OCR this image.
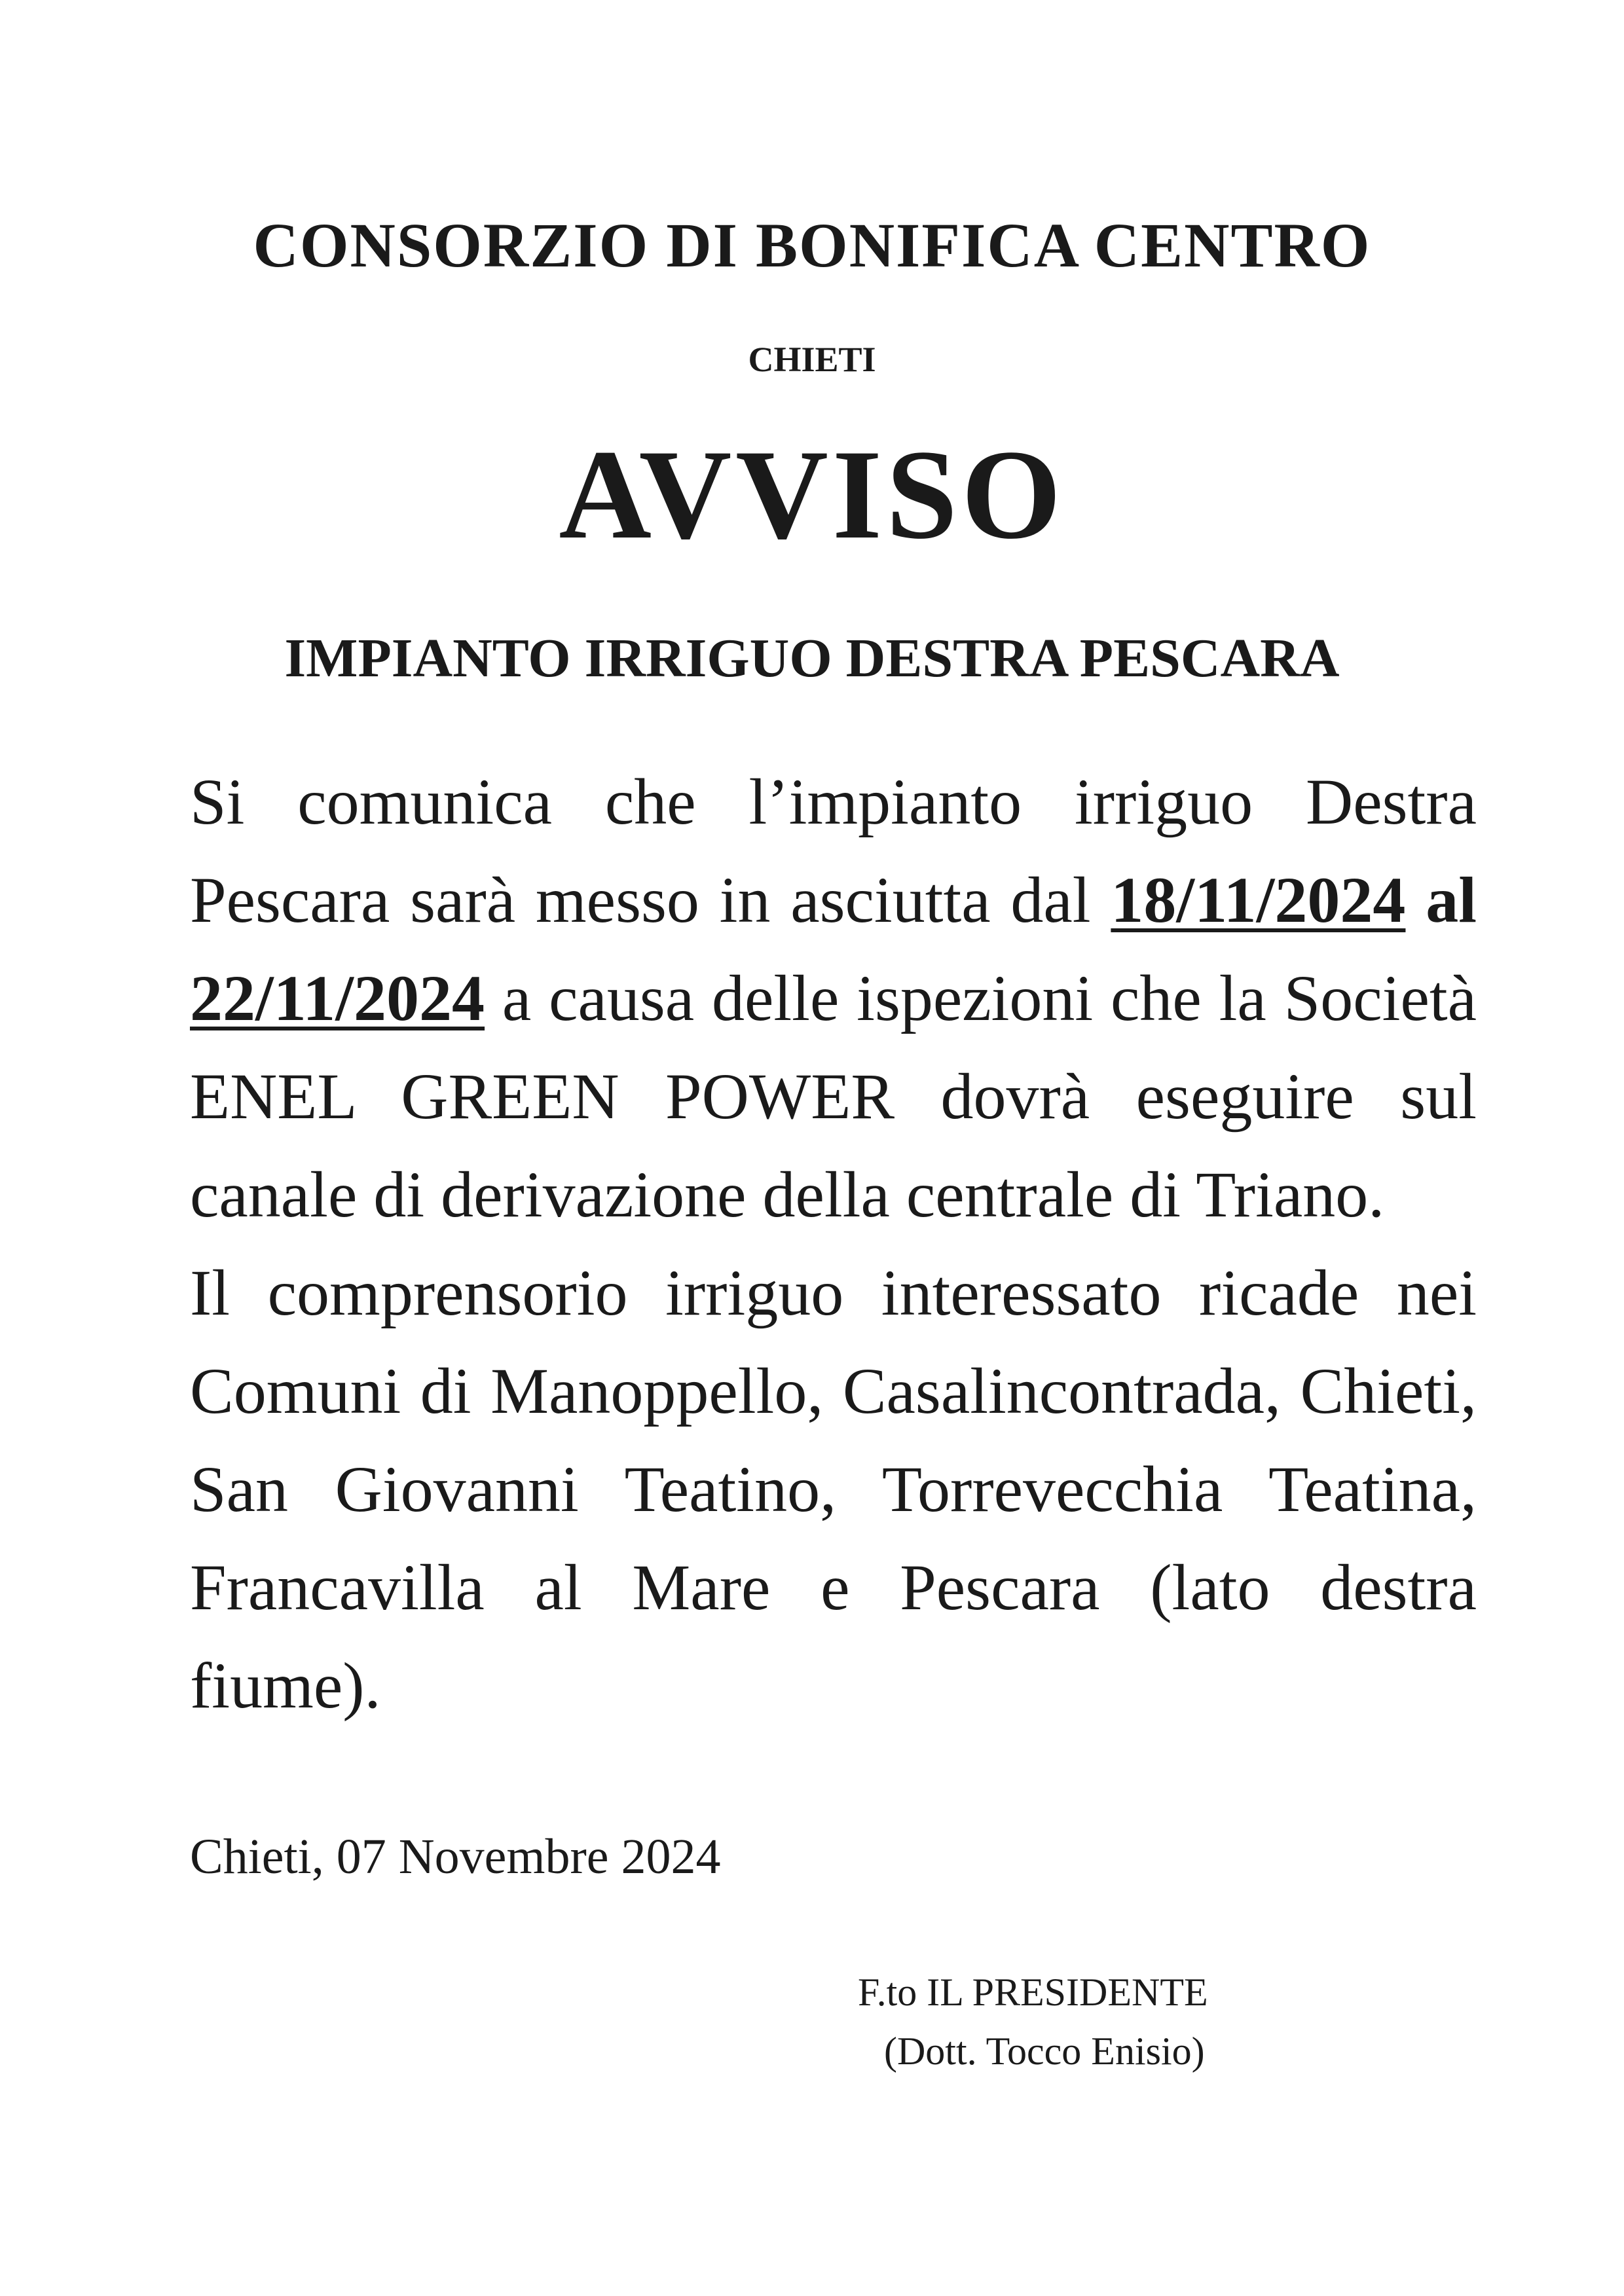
CONSORZIO DI BONIFICA CENTRO
CHIETI
AVVISO
IMPIANTO IRRIGUO DESTRA PESCARA

Si comunica che l’impianto irriguo Destra Pescara sarà messo in asciutta dal 18/11/2024 al 22/11/2024 a causa delle ispezioni che la Società ENEL GREEN POWER dovrà eseguire sul canale di derivazione della centrale di Triano.

Il comprensorio irriguo interessato ricade nei Comuni di Manoppello, Casalincontrada, Chieti, San Giovanni Teatino, Torrevecchia Teatina, Francavilla al Mare e Pescara (lato destra fiume).

Chieti, 07 Novembre 2024
F.to IL PRESIDENTE
(Dott. Tocco Enisio)
